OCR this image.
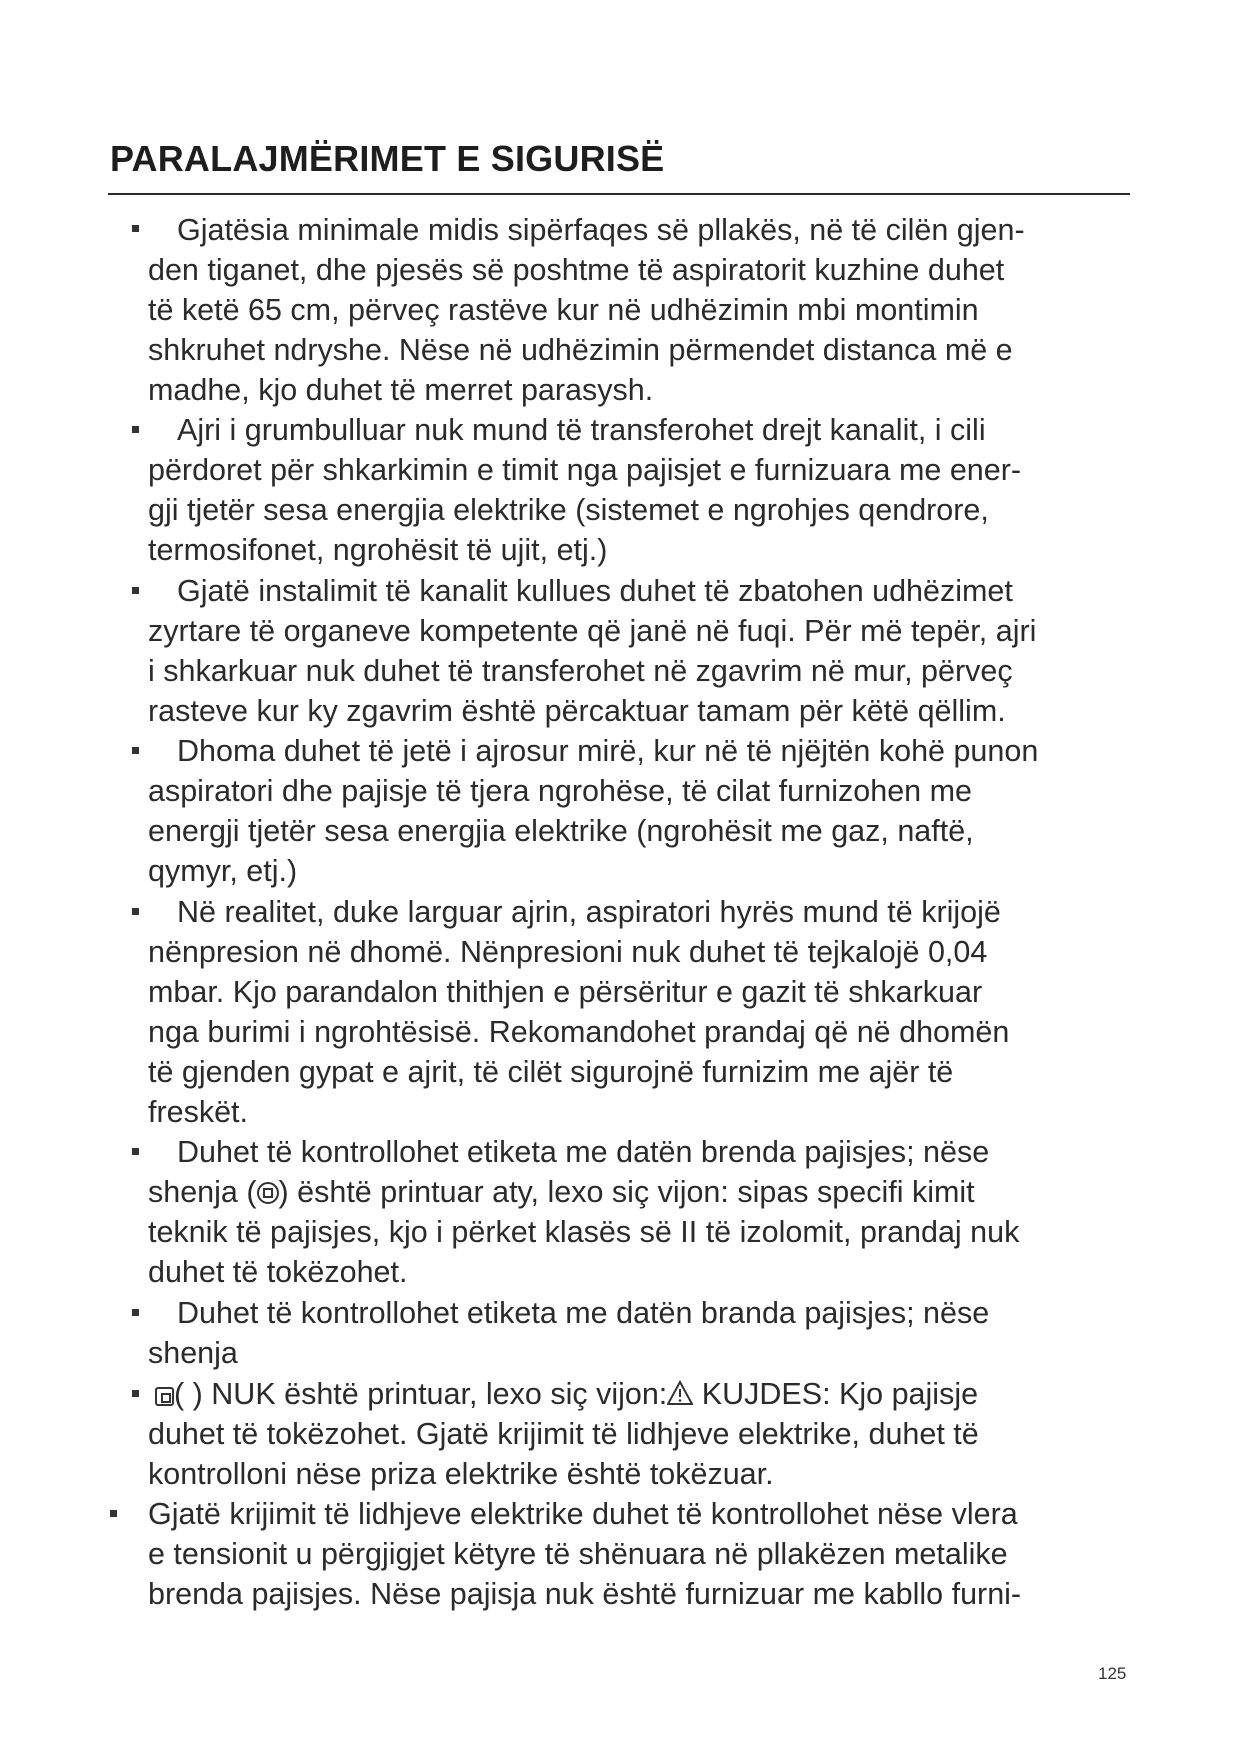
PARALAJMËRIMET E SIGURISË
Gjatësia minimale midis sipërfaqes së pllakës, në të cilën gjen-
den tiganet, dhe pjesës së poshtme të aspiratorit kuzhine duhet
të ketë 65 cm, përveç rastëve kur në udhëzimin mbi montimin
shkruhet ndryshe. Nëse në udhëzimin përmendet distanca më e
madhe, kjo duhet të merret parasysh.
Ajri i grumbulluar nuk mund të transferohet drejt kanalit, i cili
përdoret për shkarkimin e timit nga pajisjet e furnizuara me ener-
gji tjetër sesa energjia elektrike (sistemet e ngrohjes qendrore,
termosifonet, ngrohësit të ujit, etj.)
Gjatë instalimit të kanalit kullues duhet të zbatohen udhëzimet
zyrtare të organeve kompetente që janë në fuqi. Për më tepër, ajri
i shkarkuar nuk duhet të transferohet në zgavrim në mur, përveç
rasteve kur ky zgavrim është përcaktuar tamam për këtë qëllim.
Dhoma duhet të jetë i ajrosur mirë, kur në të njëjtën kohë punon
aspiratori dhe pajisje të tjera ngrohëse, të cilat furnizohen me
energji tjetër sesa energjia elektrike (ngrohësit me gaz, naftë,
qymyr, etj.)
Në realitet, duke larguar ajrin, aspiratori hyrës mund të krijojë
nënpresion në dhomë. Nënpresioni nuk duhet të tejkalojë 0,04
mbar. Kjo parandalon thithjen e përsëritur e gazit të shkarkuar
nga burimi i ngrohtësisë. Rekomandohet prandaj që në dhomën
të gjenden gypat e ajrit, të cilët sigurojnë furnizim me ajër të
freskët.
Duhet të kontrollohet etiketa me datën brenda pajisjes; nëse
shenja ( ) është printuar aty, lexo siç vijon: sipas specifi kimit
teknik të pajisjes, kjo i përket klasës së II të izolomit, prandaj nuk
duhet të tokëzohet.
Duhet të kontrollohet etiketa me datën branda pajisjes; nëse
shenja
( ) NUK është printuar, lexo siç vijon: KUJDES: Kjo pajisje
duhet të tokëzohet. Gjatë krijimit të lidhjeve elektrike, duhet të
kontrolloni nëse priza elektrike është tokëzuar.
Gjatë krijimit të lidhjeve elektrike duhet të kontrollohet nëse vlera
e tensionit u përgjigjet këtyre të shënuara në pllakëzen metalike
brenda pajisjes. Nëse pajisja nuk është furnizuar me kabllo furni-
125
